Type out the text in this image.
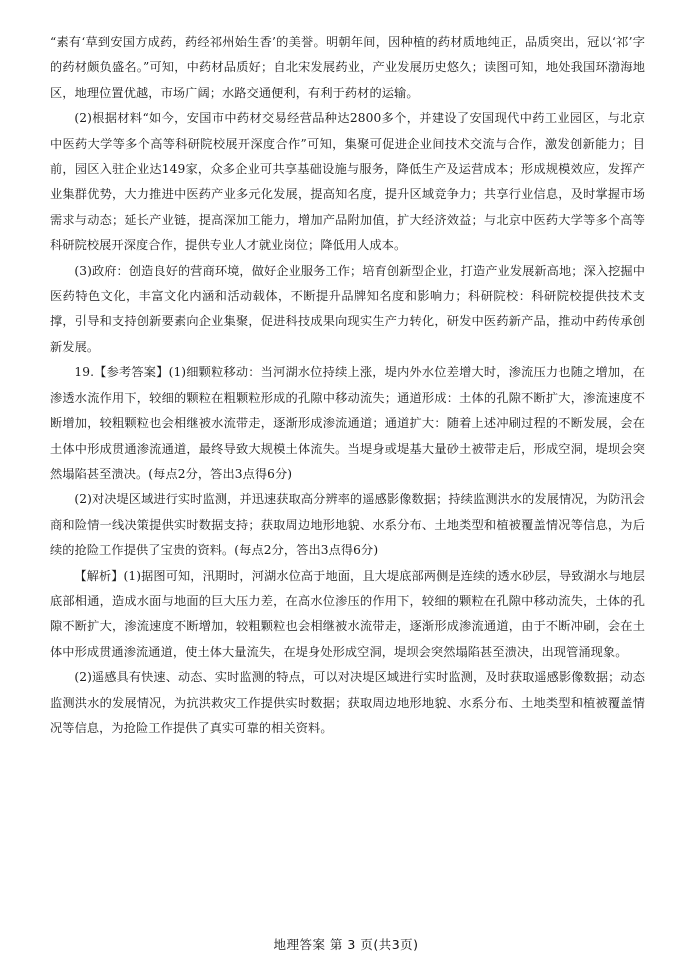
“素有‘草到安国方成药，药经祁州始生香’的美誉。明朝年间，因种植的药材质地纯正，品质突出，冠以‘祁’字的药材颇负盛名。”可知，中药材品质好；自北宋发展药业，产业发展历史悠久；读图可知，地处我国环渤海地区，地理位置优越，市场广阔；水路交通便利，有利于药材的运输。

(2)根据材料“如今，安国市中药材交易经营品种达2800多个，并建设了安国现代中药工业园区，与北京中医药大学等多个高等科研院校展开深度合作”可知，集聚可促进企业间技术交流与合作，激发创新能力；目前，园区入驻企业达149家，众多企业可共享基础设施与服务，降低生产及运营成本；形成规模效应，发挥产业集群优势，大力推进中医药产业多元化发展，提高知名度，提升区域竞争力；共享行业信息，及时掌握市场需求与动态；延长产业链，提高深加工能力，增加产品附加值，扩大经济效益；与北京中医药大学等多个高等科研院校展开深度合作，提供专业人才就业岗位；降低用人成本。

(3)政府：创造良好的营商环境，做好企业服务工作；培育创新型企业，打造产业发展新高地；深入挖掘中医药特色文化，丰富文化内涵和活动载体，不断提升品牌知名度和影响力；科研院校：科研院校提供技术支撑，引导和支持创新要素向企业集聚，促进科技成果向现实生产力转化，研发中医药新产品，推动中药传承创新发展。

19.【参考答案】(1)细颗粒移动：当河湖水位持续上涨，堤内外水位差增大时，渗流压力也随之增加，在渗透水流作用下，较细的颗粒在粗颗粒形成的孔隙中移动流失；通道形成：土体的孔隙不断扩大，渗流速度不断增加，较粗颗粒也会相继被水流带走，逐渐形成渗流通道；通道扩大：随着上述冲刷过程的不断发展，会在土体中形成贯通渗流通道，最终导致大规模土体流失。当堤身或堤基大量砂土被带走后，形成空洞，堤坝会突然塌陷甚至溃决。(每点2分，答出3点得6分)

(2)对决堤区域进行实时监测，并迅速获取高分辨率的遥感影像数据；持续监测洪水的发展情况，为防汛会商和险情一线决策提供实时数据支持；获取周边地形地貌、水系分布、土地类型和植被覆盖情况等信息，为后续的抢险工作提供了宝贵的资料。(每点2分，答出3点得6分)

【解析】(1)据图可知，汛期时，河湖水位高于地面，且大堤底部两侧是连续的透水砂层，导致湖水与地层底部相通，造成水面与地面的巨大压力差，在高水位渗压的作用下，较细的颗粒在孔隙中移动流失，土体的孔隙不断扩大，渗流速度不断增加，较粗颗粒也会相继被水流带走，逐渐形成渗流通道，由于不断冲刷，会在土体中形成贯通渗流通道，使土体大量流失，在堤身处形成空洞，堤坝会突然塌陷甚至溃决，出现管涌现象。

(2)遥感具有快速、动态、实时监测的特点，可以对决堤区域进行实时监测，及时获取遥感影像数据；动态监测洪水的发展情况，为抗洪救灾工作提供实时数据；获取周边地形地貌、水系分布、土地类型和植被覆盖情况等信息，为抢险工作提供了真实可靠的相关资料。

地理答案 第 3 页(共3页)
